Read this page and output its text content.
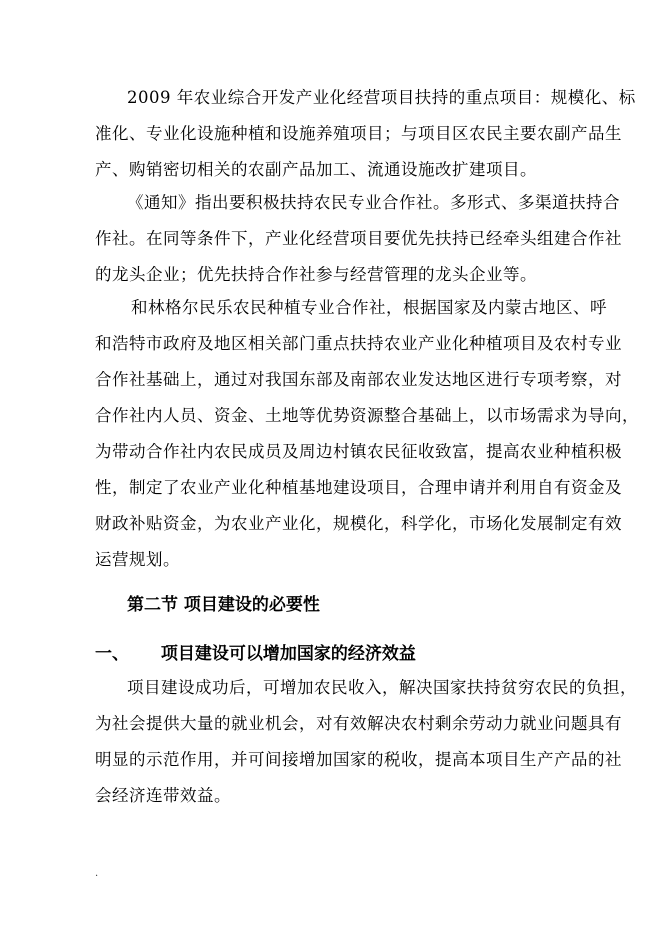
2009 年农业综合开发产业化经营项目扶持的重点项目：规模化、标
准化、专业化设施种植和设施养殖项目；与项目区农民主要农副产品生
产、购销密切相关的农副产品加工、流通设施改扩建项目。

《通知》指出要积极扶持农民专业合作社。多形式、多渠道扶持合
作社。在同等条件下，产业化经营项目要优先扶持已经牵头组建合作社
的龙头企业；优先扶持合作社参与经营管理的龙头企业等。

和林格尔民乐农民种植专业合作社，根据国家及内蒙古地区、呼
和浩特市政府及地区相关部门重点扶持农业产业化种植项目及农村专业
合作社基础上，通过对我国东部及南部农业发达地区进行专项考察，对
合作社内人员、资金、土地等优势资源整合基础上，以市场需求为导向，
为带动合作社内农民成员及周边村镇农民征收致富，提高农业种植积极
性，制定了农业产业化种植基地建设项目，合理申请并利用自有资金及
财政补贴资金，为农业产业化，规模化，科学化，市场化发展制定有效
运营规划。

第二节 项目建设的必要性
一、 项目建设可以增加国家的经济效益

项目建设成功后，可增加农民收入，解决国家扶持贫穷农民的负担，
为社会提供大量的就业机会，对有效解决农村剩余劳动力就业问题具有
明显的示范作用，并可间接增加国家的税收，提高本项目生产产品的社
会经济连带效益。

.
